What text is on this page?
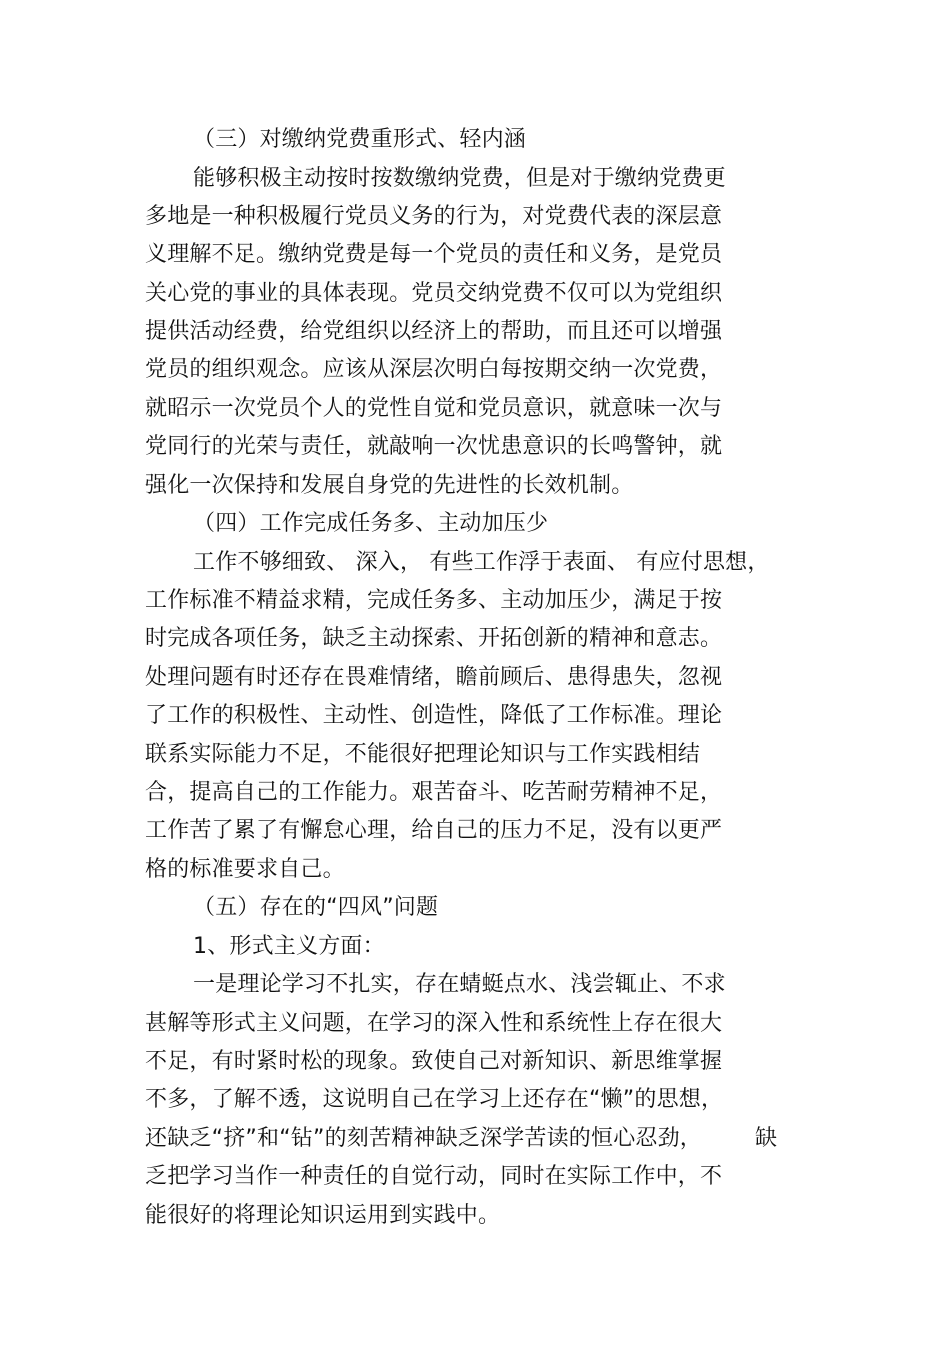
（三）对缴纳党费重形式、轻内涵
能够积极主动按时按数缴纳党费，但是对于缴纳党费更
多地是一种积极履行党员义务的行为，对党费代表的深层意
义理解不足。缴纳党费是每一个党员的责任和义务，是党员
关心党的事业的具体表现。党员交纳党费不仅可以为党组织
提供活动经费，给党组织以经济上的帮助，而且还可以增强
党员的组织观念。应该从深层次明白每按期交纳一次党费，
就昭示一次党员个人的党性自觉和党员意识，就意味一次与
党同行的光荣与责任，就敲响一次忧患意识的长鸣警钟，就
强化一次保持和发展自身党的先进性的长效机制。
（四）工作完成任务多、主动加压少
工作不够细致、 深入， 有些工作浮于表面、 有应付思想，
工作标准不精益求精，完成任务多、主动加压少，满足于按
时完成各项任务，缺乏主动探索、开拓创新的精神和意志。
处理问题有时还存在畏难情绪，瞻前顾后、患得患失，忽视
了工作的积极性、主动性、创造性，降低了工作标准。理论
联系实际能力不足，不能很好把理论知识与工作实践相结
合，提高自己的工作能力。艰苦奋斗、吃苦耐劳精神不足，
工作苦了累了有懈怠心理，给自己的压力不足，没有以更严
格的标准要求自己。
（五）存在的“四风”问题
1、形式主义方面：
一是理论学习不扎实，存在蜻蜓点水、浅尝辄止、不求
甚解等形式主义问题，在学习的深入性和系统性上存在很大
不足，有时紧时松的现象。致使自己对新知识、新思维掌握
不多，了解不透，这说明自己在学习上还存在“懒”的思想，
还缺乏“挤”和“钻”的刻苦精神缺乏深学苦读的恒心忍劲， 缺
乏把学习当作一种责任的自觉行动，同时在实际工作中，不
能很好的将理论知识运用到实践中。
